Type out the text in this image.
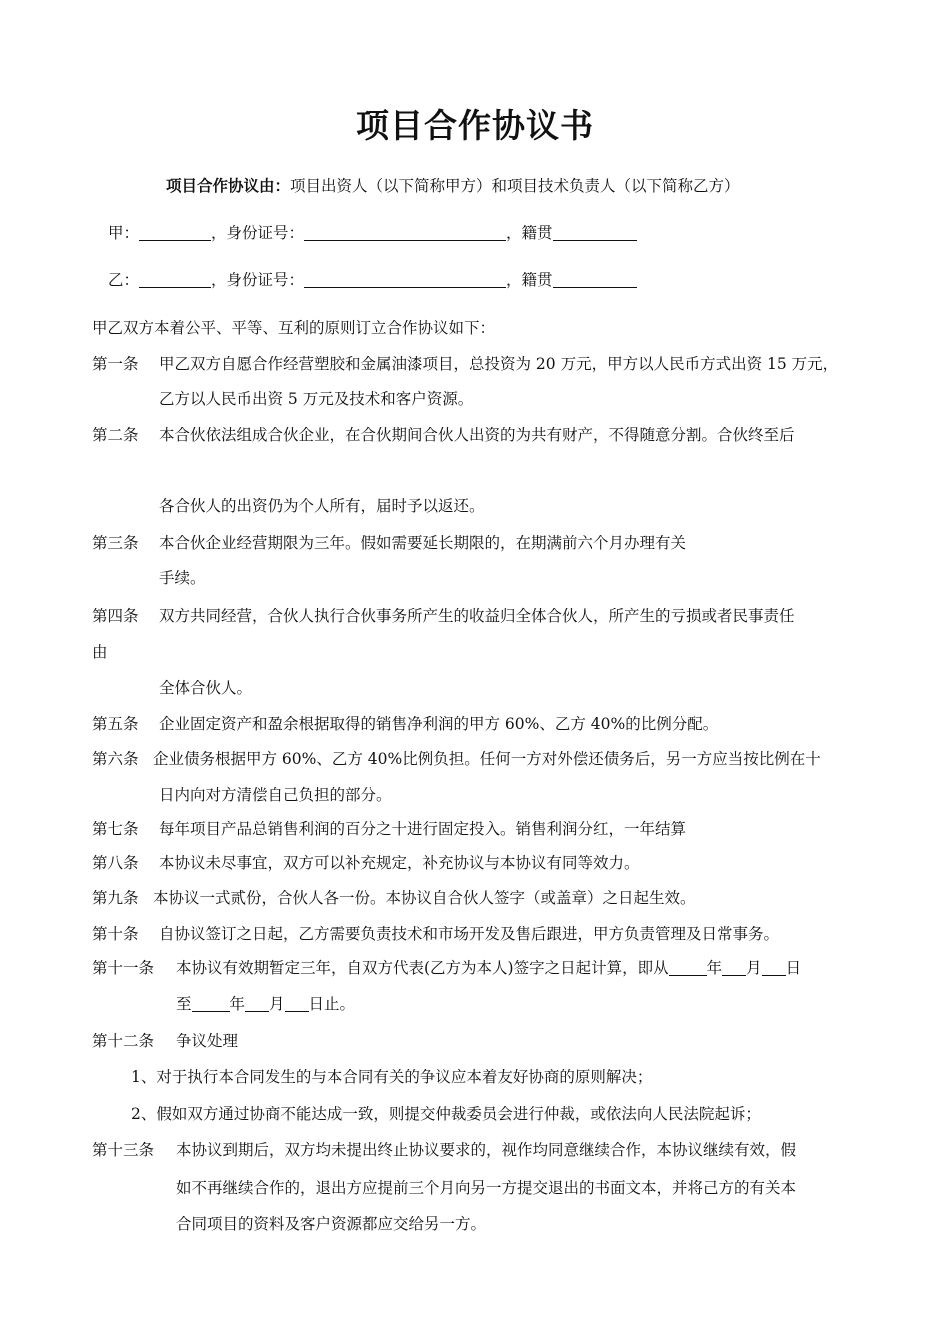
项目合作协议书
项目合作协议由：项目出资人（以下简称甲方）和项目技术负责人（以下简称乙方）
甲：	，身份证号：	，籍贯
乙：	，身份证号：	，籍贯
甲乙双方本着公平、平等、互利的原则订立合作协议如下：
第一条 甲乙双方自愿合作经营塑胶和金属油漆项目，总投资为 20 万元，甲方以人民币方式出资 15 万元，
乙方以人民币出资 5 万元及技术和客户资源。
第二条 本合伙依法组成合伙企业，在合伙期间合伙人出资的为共有财产，不得随意分割。合伙终至后
各合伙人的出资仍为个人所有，届时予以返还。
第三条 本合伙企业经营期限为三年。假如需要延长期限的，在期满前六个月办理有关
手续。
第四条 双方共同经营，合伙人执行合伙事务所产生的收益归全体合伙人，所产生的亏损或者民事责任
由
全体合伙人。
第五条 企业固定资产和盈余根据取得的销售净利润的甲方 60%、乙方 40%的比例分配。
第六条 企业债务根据甲方 60%、乙方 40%比例负担。任何一方对外偿还债务后，另一方应当按比例在十
日内向对方清偿自己负担的部分。
第七条 每年项目产品总销售利润的百分之十进行固定投入。销售利润分红，一年结算
第八条 本协议未尽事宜，双方可以补充规定，补充协议与本协议有同等效力。
第九条 本协议一式贰份，合伙人各一份。本协议自合伙人签字（或盖章）之日起生效。
第十条 自协议签订之日起，乙方需要负责技术和市场开发及售后跟进，甲方负责管理及日常事务。
第十一条 本协议有效期暂定三年，自双方代表(乙方为本人)签字之日起计算，即从 年 月 日
至 年 月 日止。
第十二条 争议处理
1、对于执行本合同发生的与本合同有关的争议应本着友好协商的原则解决；
2、假如双方通过协商不能达成一致，则提交仲裁委员会进行仲裁，或依法向人民法院起诉；
第十三条 本协议到期后，双方均未提出终止协议要求的，视作均同意继续合作，本协议继续有效，假
如不再继续合作的，退出方应提前三个月向另一方提交退出的书面文本，并将己方的有关本
合同项目的资料及客户资源都应交给另一方。
